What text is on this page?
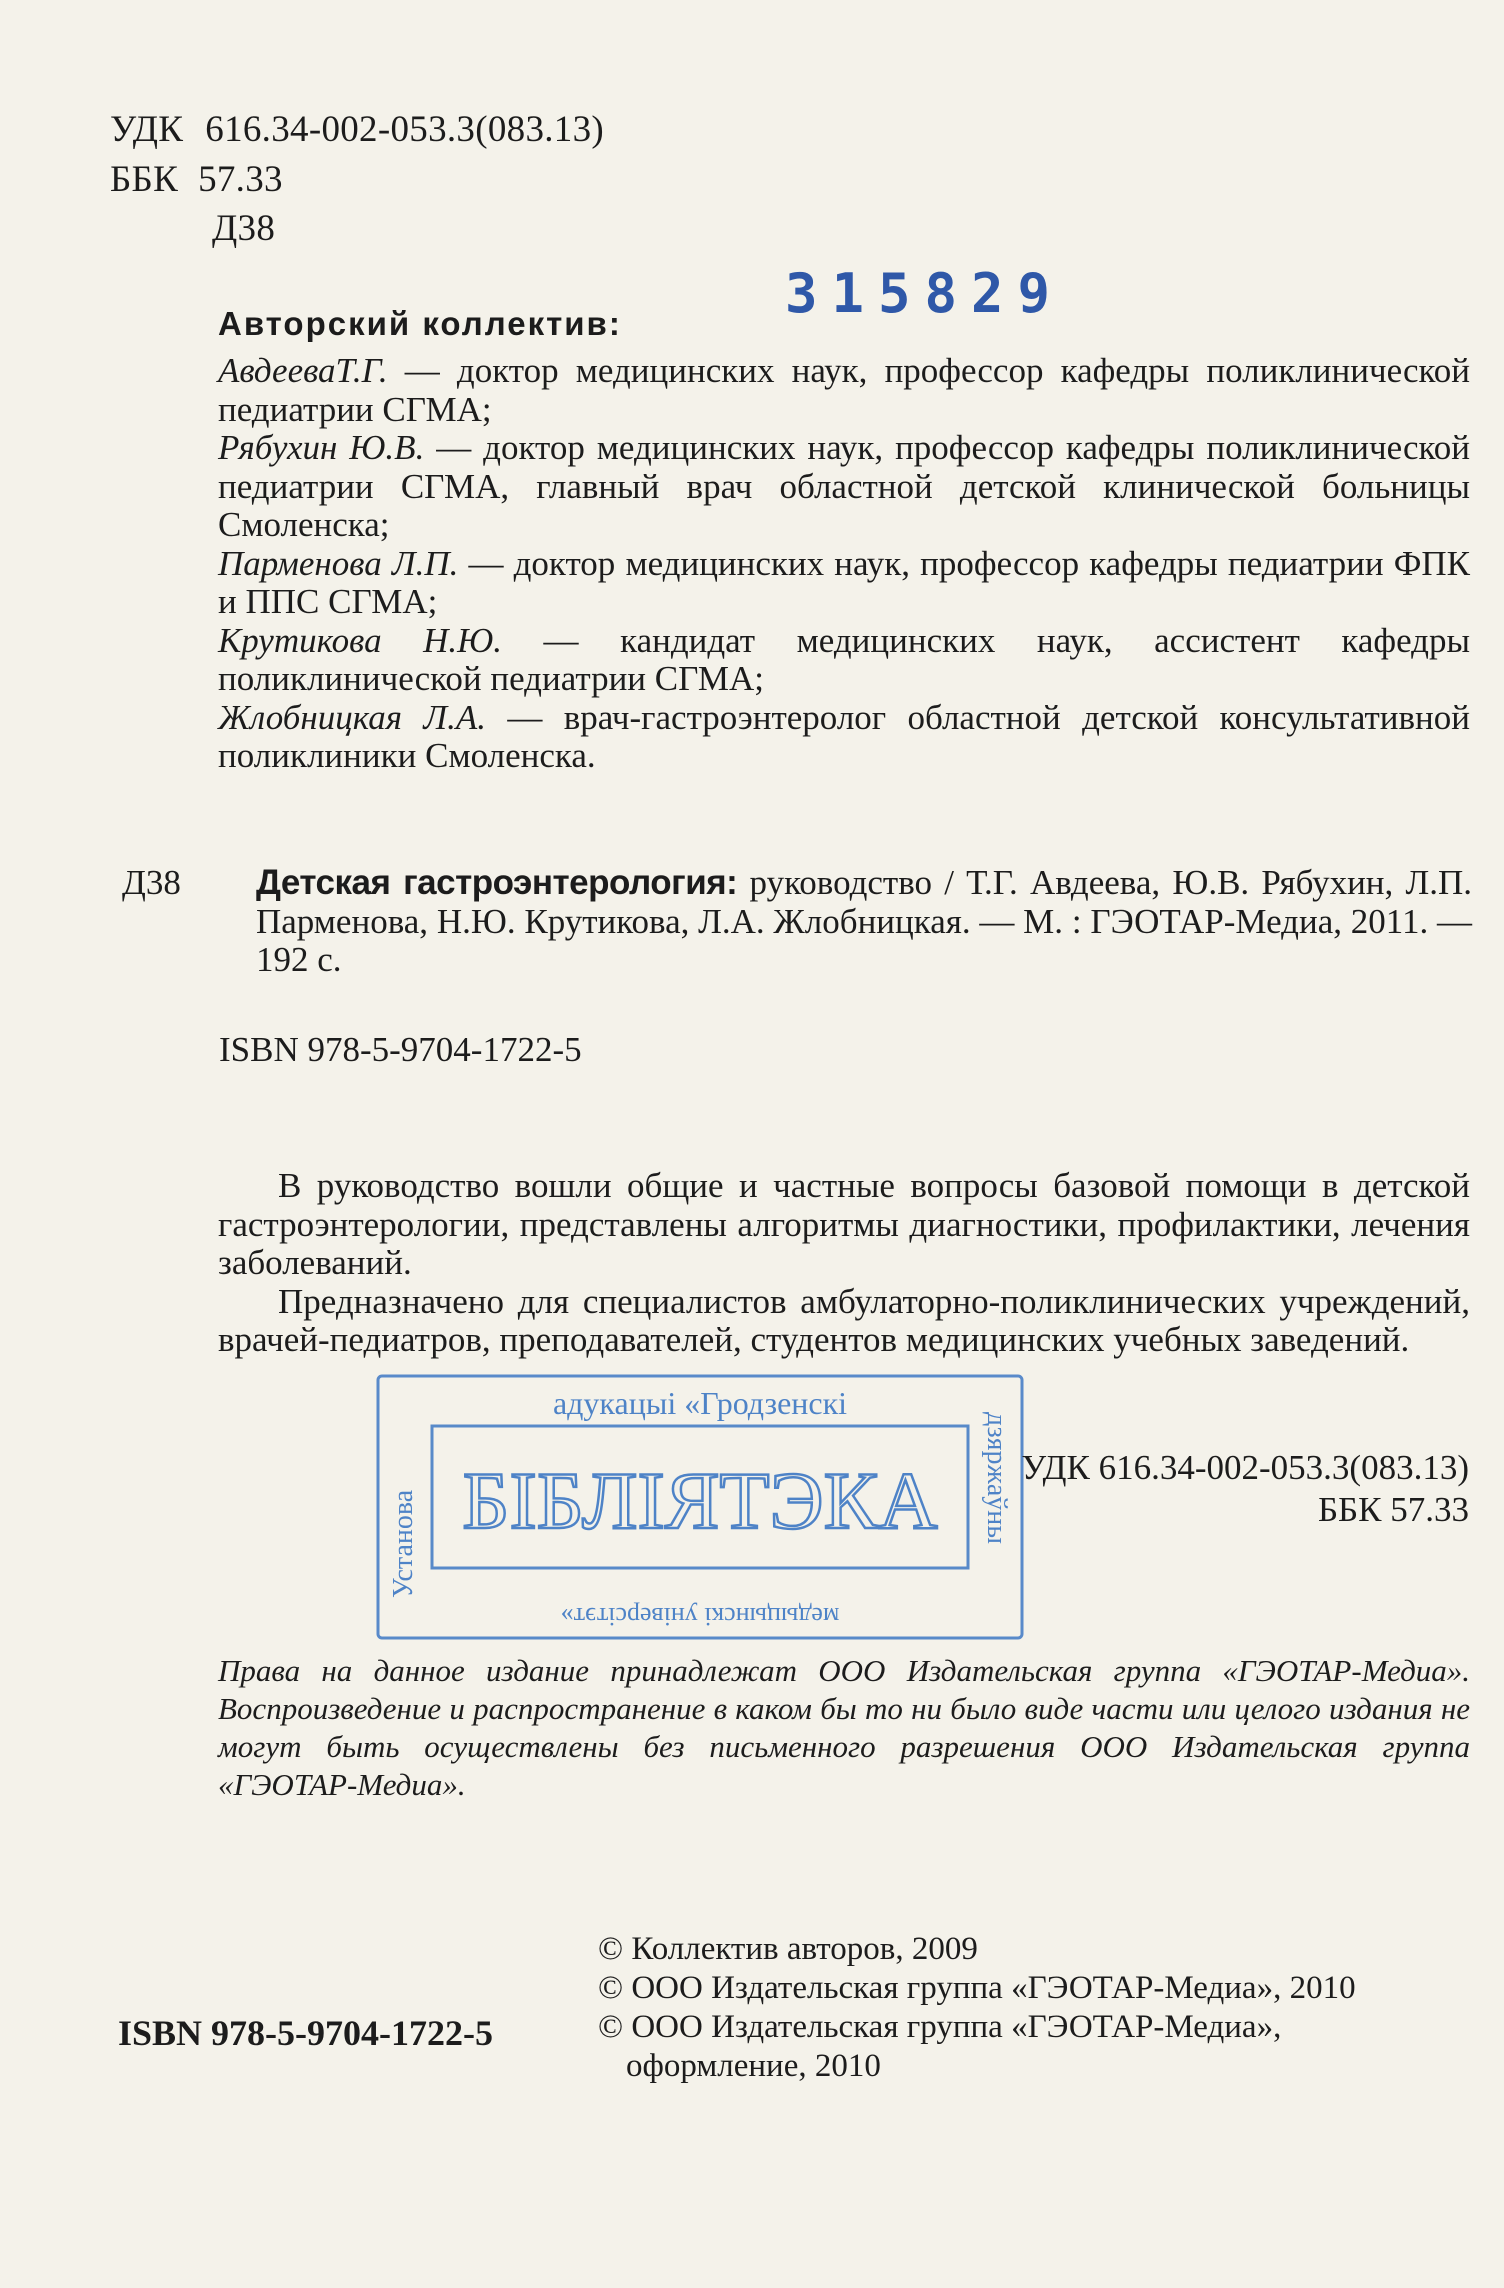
УДК 616.34-002-053.3(083.13)
ББК 57.33
Д38
315829
Авторский коллектив:
АвдееваТ.Г. — доктор медицинских наук, профессор кафедры поликлинической педиатрии СГМА;
Рябухин Ю.В. — доктор медицинских наук, профессор кафедры поликлинической педиатрии СГМА, главный врач областной детской клинической больницы Смоленска;
Парменова Л.П. — доктор медицинских наук, профессор кафедры педиатрии ФПК и ППС СГМА;
Крутикова Н.Ю. — кандидат медицинских наук, ассистент кафедры поликлинической педиатрии СГМА;
Жлобницкая Л.А. — врач-гастроэнтеролог областной детской консультативной поликлиники Смоленска.
Д38 Детская гастроэнтерология: руководство / Т.Г. Авдеева, Ю.В. Рябухин, Л.П. Парменова, Н.Ю. Крутикова, Л.А. Жлобницкая. — М. : ГЭОТАР-Медиа, 2011. — 192 с.
ISBN 978-5-9704-1722-5

В руководство вошли общие и частные вопросы базовой помощи в детской гастроэнтерологии, представлены алгоритмы диагностики, профилактики, лечения заболеваний.

Предназначено для специалистов амбулаторно-поликлинических учреждений, врачей-педиатров, преподавателей, студентов медицинских учебных заведений.

адукацыі «Гродзенскі
БІБЛІЯТЭКА
Установа	дзяржаўны
медыцынскі універсітэт»
УДК 616.34-002-053.3(083.13)
ББК 57.33
Права на данное издание принадлежат ООО Издательская группа «ГЭОТАР-Медиа». Воспроизведение и распространение в каком бы то ни было виде части или целого издания не могут быть осуществлены без письменного разрешения ООО Издательская группа «ГЭОТАР-Медиа».
© Коллектив авторов, 2009
© ООО Издательская группа «ГЭОТАР-Медиа», 2010
© ООО Издательская группа «ГЭОТАР-Медиа»,
оформление, 2010
ISBN 978-5-9704-1722-5
